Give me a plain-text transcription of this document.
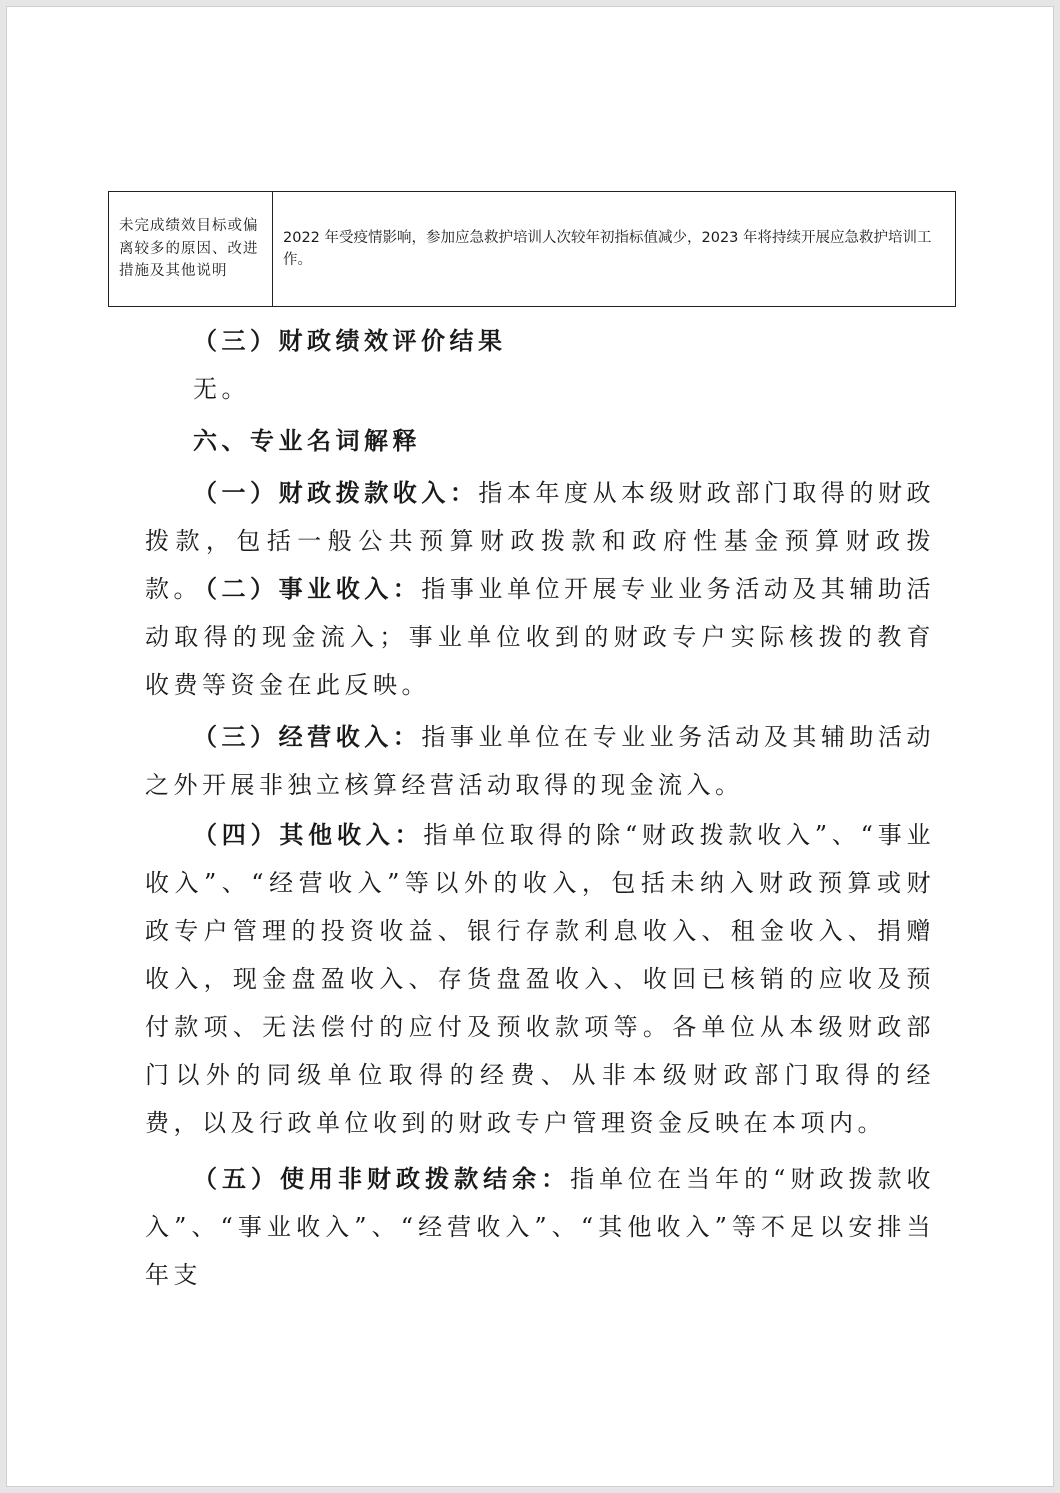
未完成绩效目标或偏离较多的原因、改进措施及其他说明	2022 年受疫情影响，参加应急救护培训人次较年初指标值减少，2023 年将持续开展应急救护培训工作。

（三）财政绩效评价结果

无。

六、专业名词解释

（一）财政拨款收入：指本年度从本级财政部门取得的财政拨款，包括一般公共预算财政拨款和政府性基金预算财政拨款。

（二）事业收入：指事业单位开展专业业务活动及其辅助活动取得的现金流入；事业单位收到的财政专户实际核拨的教育收费等资金在此反映。

（三）经营收入：指事业单位在专业业务活动及其辅助活动之外开展非独立核算经营活动取得的现金流入。

（四）其他收入：指单位取得的除“财政拨款收入”、“事业收入”、“经营收入”等以外的收入，包括未纳入财政预算或财政专户管理的投资收益、银行存款利息收入、租金收入、捐赠收入，现金盘盈收入、存货盘盈收入、收回已核销的应收及预付款项、无法偿付的应付及预收款项等。各单位从本级财政部门以外的同级单位取得的经费、从非本级财政部门取得的经费，以及行政单位收到的财政专户管理资金反映在本项内。

（五）使用非财政拨款结余：指单位在当年的“财政拨款收入”、“事业收入”、“经营收入”、“其他收入”等不足以安排当年支
